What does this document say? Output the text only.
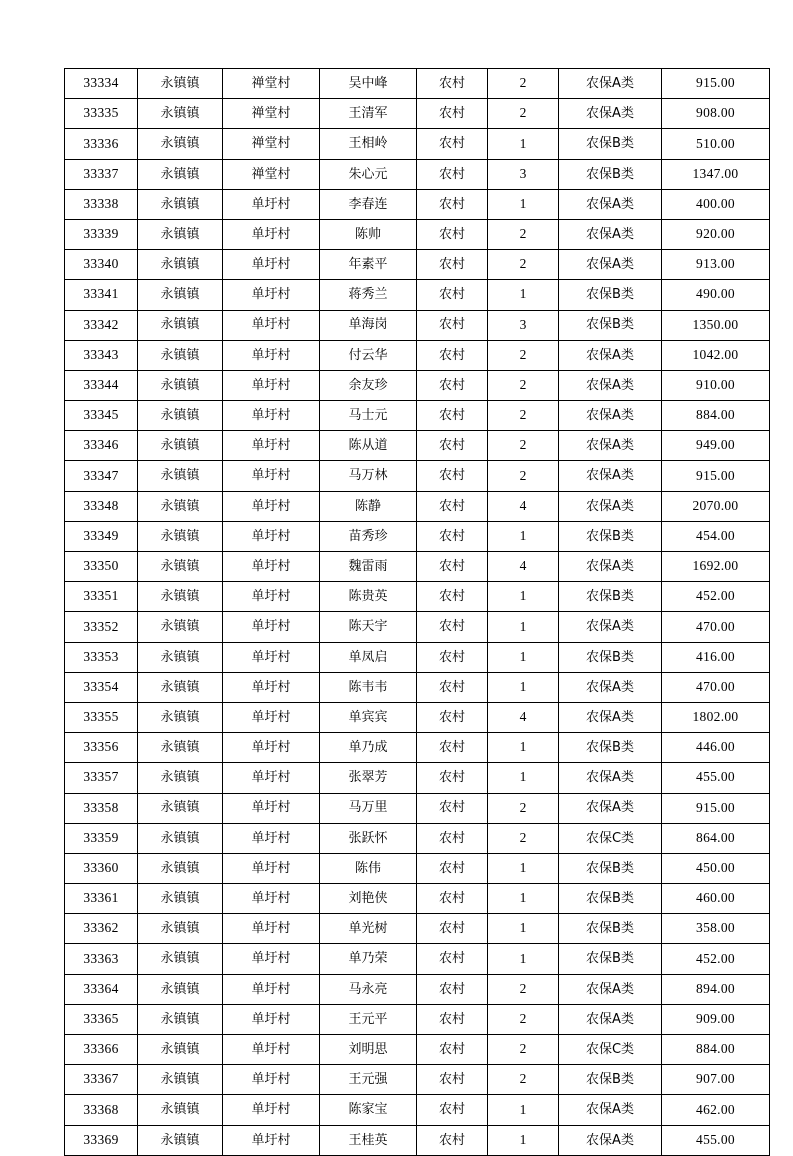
33334	永镇镇	禅堂村	吴中峰	农村	2	农保A类	915.00
33335	永镇镇	禅堂村	王清军	农村	2	农保A类	908.00
33336	永镇镇	禅堂村	王相岭	农村	1	农保B类	510.00
33337	永镇镇	禅堂村	朱心元	农村	3	农保B类	1347.00
33338	永镇镇	单圩村	李春连	农村	1	农保A类	400.00
33339	永镇镇	单圩村	陈帅	农村	2	农保A类	920.00
33340	永镇镇	单圩村	年素平	农村	2	农保A类	913.00
33341	永镇镇	单圩村	蒋秀兰	农村	1	农保B类	490.00
33342	永镇镇	单圩村	单海岗	农村	3	农保B类	1350.00
33343	永镇镇	单圩村	付云华	农村	2	农保A类	1042.00
33344	永镇镇	单圩村	余友珍	农村	2	农保A类	910.00
33345	永镇镇	单圩村	马士元	农村	2	农保A类	884.00
33346	永镇镇	单圩村	陈从道	农村	2	农保A类	949.00
33347	永镇镇	单圩村	马万林	农村	2	农保A类	915.00
33348	永镇镇	单圩村	陈静	农村	4	农保A类	2070.00
33349	永镇镇	单圩村	苗秀珍	农村	1	农保B类	454.00
33350	永镇镇	单圩村	魏雷雨	农村	4	农保A类	1692.00
33351	永镇镇	单圩村	陈贵英	农村	1	农保B类	452.00
33352	永镇镇	单圩村	陈天宇	农村	1	农保A类	470.00
33353	永镇镇	单圩村	单凤启	农村	1	农保B类	416.00
33354	永镇镇	单圩村	陈韦韦	农村	1	农保A类	470.00
33355	永镇镇	单圩村	单宾宾	农村	4	农保A类	1802.00
33356	永镇镇	单圩村	单乃成	农村	1	农保B类	446.00
33357	永镇镇	单圩村	张翠芳	农村	1	农保A类	455.00
33358	永镇镇	单圩村	马万里	农村	2	农保A类	915.00
33359	永镇镇	单圩村	张跃怀	农村	2	农保C类	864.00
33360	永镇镇	单圩村	陈伟	农村	1	农保B类	450.00
33361	永镇镇	单圩村	刘艳侠	农村	1	农保B类	460.00
33362	永镇镇	单圩村	单光树	农村	1	农保B类	358.00
33363	永镇镇	单圩村	单乃荣	农村	1	农保B类	452.00
33364	永镇镇	单圩村	马永亮	农村	2	农保A类	894.00
33365	永镇镇	单圩村	王元平	农村	2	农保A类	909.00
33366	永镇镇	单圩村	刘明思	农村	2	农保C类	884.00
33367	永镇镇	单圩村	王元强	农村	2	农保B类	907.00
33368	永镇镇	单圩村	陈家宝	农村	1	农保A类	462.00
33369	永镇镇	单圩村	王桂英	农村	1	农保A类	455.00
